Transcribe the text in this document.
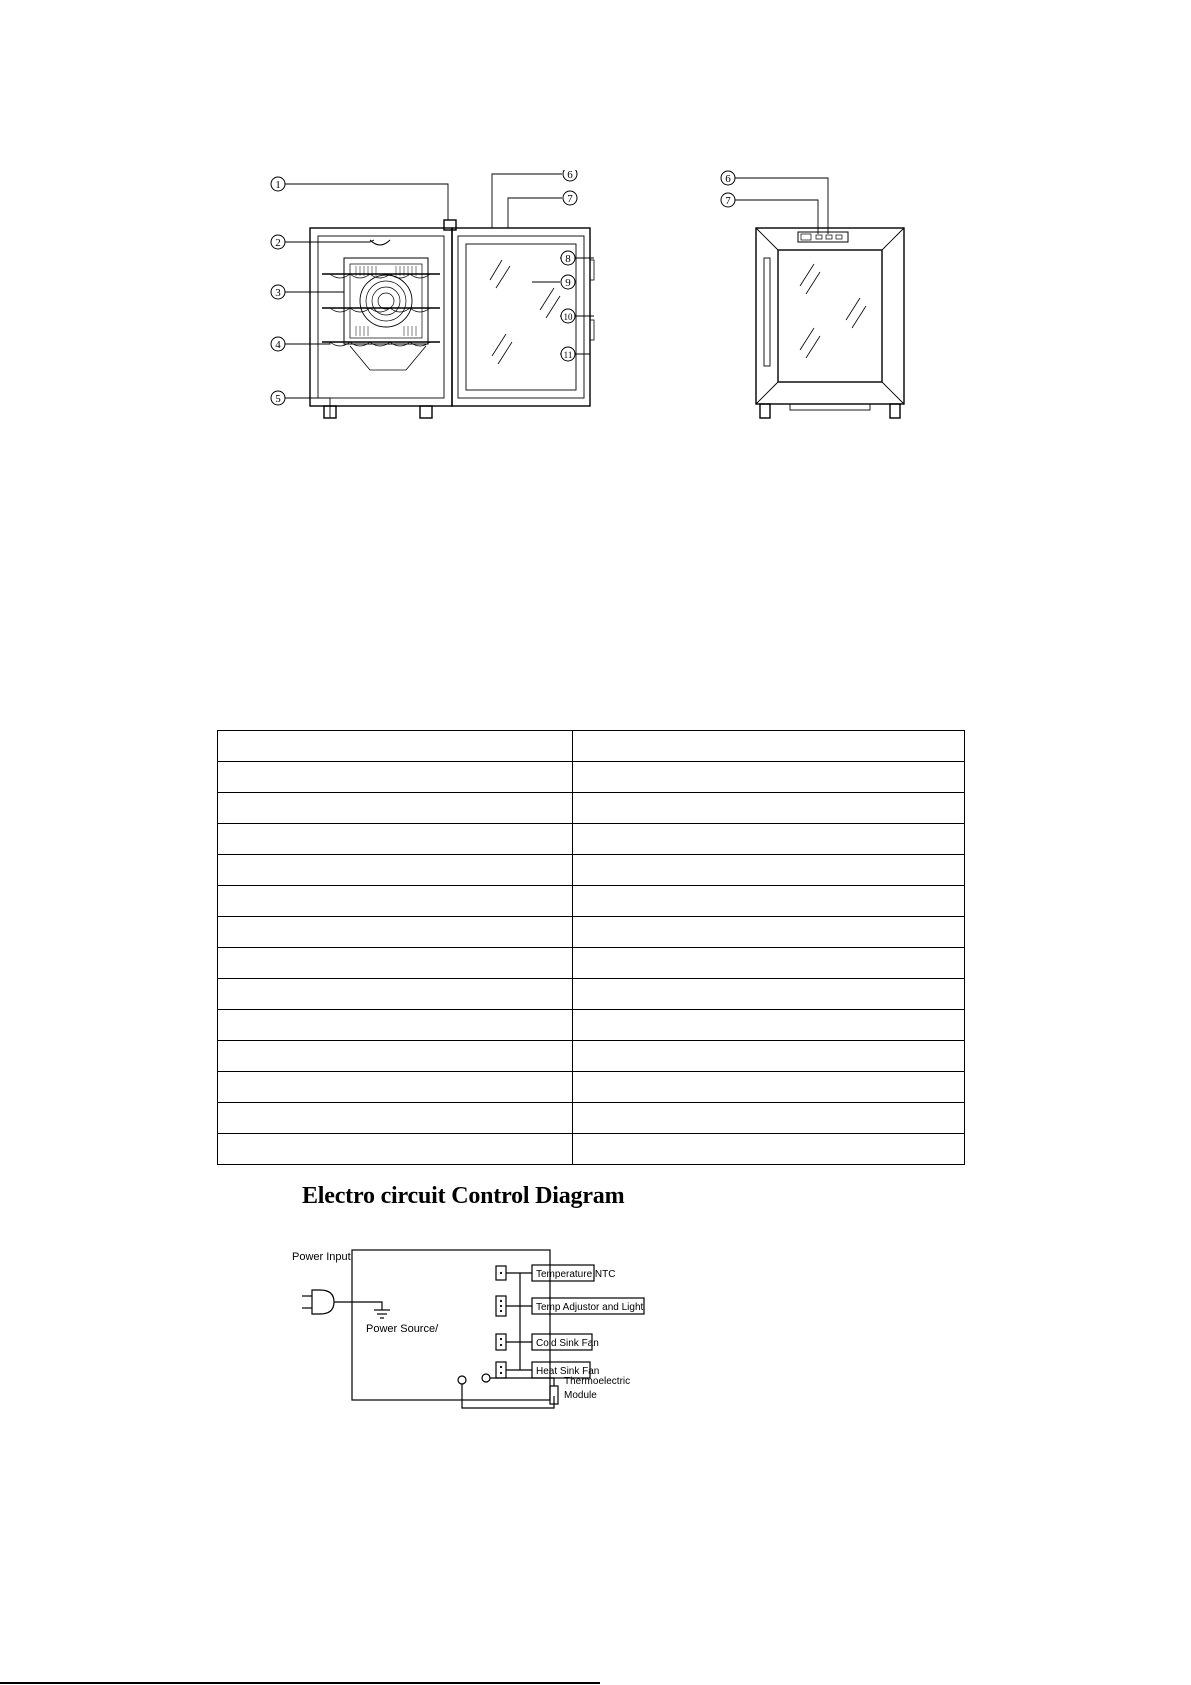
1
2
3
4
5
6
7
8
9
10
11
6
7

Electro circuit Control Diagram
Power Input
Power Source/
Temperature NTC
Temp Adjustor and Light
Cold Sink Fan
Heat Sink Fan
Thermoelectric
Module
